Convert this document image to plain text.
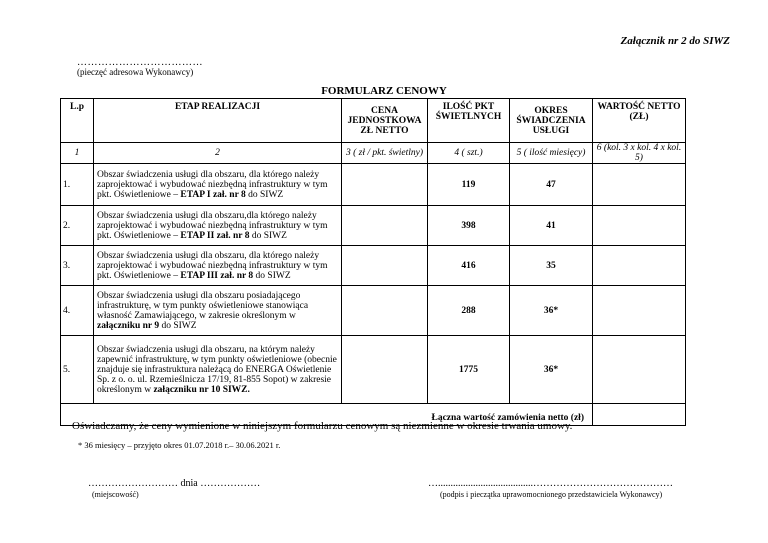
Załącznik nr 2 do SIWZ
………………………………
(pieczęć adresowa Wykonawcy)
FORMULARZ CENOWY
L.p	ETAP REALIZACJI	CENA JEDNOSTKOWA ZŁ NETTO	ILOŚĆ PKT ŚWIETLNYCH	OKRES ŚWIADCZENIA USŁUGI	WARTOŚĆ NETTO (ZŁ)
1	2	3 ( zł / pkt. świetlny)	4 ( szt.)	5 ( ilość miesięcy)	6 (kol. 3 x kol. 4 x kol. 5)
1.	Obszar świadczenia usługi dla obszaru, dla którego należy zaprojektować i wybudować niezbędną infrastruktury w tym pkt. Oświetleniowe – ETAP I zał. nr 8 do SIWZ		119	47	
2.	Obszar świadczenia usługi dla obszaru,dla którego należy zaprojektować i wybudować niezbędną infrastruktury w tym pkt. Oświetleniowe – ETAP II zał. nr 8 do SIWZ		398	41	
3.	Obszar świadczenia usługi dla obszaru, dla którego należy zaprojektować i wybudować niezbędną infrastruktury w tym pkt. Oświetleniowe – ETAP III zał. nr 8 do SIWZ		416	35	
4.	Obszar świadczenia usługi dla obszaru posiadającego infrastrukturę, w tym punkty oświetleniowe stanowiąca własność Zamawiającego, w zakresie określonym w załączniku nr 9 do SIWZ		288	36*	
5.	Obszar świadczenia usługi dla obszaru, na którym należy zapewnić infrastrukturę, w tym punkty oświetleniowe (obecnie znajduje się infrastruktura należącą do ENERGA Oświetlenie Sp. z o. o. ul. Rzemieślnicza 17/19, 81-855 Sopot) w zakresie określonym w załączniku nr 10 SIWZ.		1775	36*	
Łączna wartość zamówienia netto (zł)					
Oświadczamy, że ceny wymienione w niniejszym formularzu cenowym są niezmienne w okresie trwania umowy.
* 36 miesięcy – przyjęto okres 01.07.2018 r.– 30.06.2021 r.
……………………… dnia ………………
(miejscowość)
…......................................……………………………………
(podpis i pieczątka uprawomocnionego przedstawiciela Wykonawcy)
